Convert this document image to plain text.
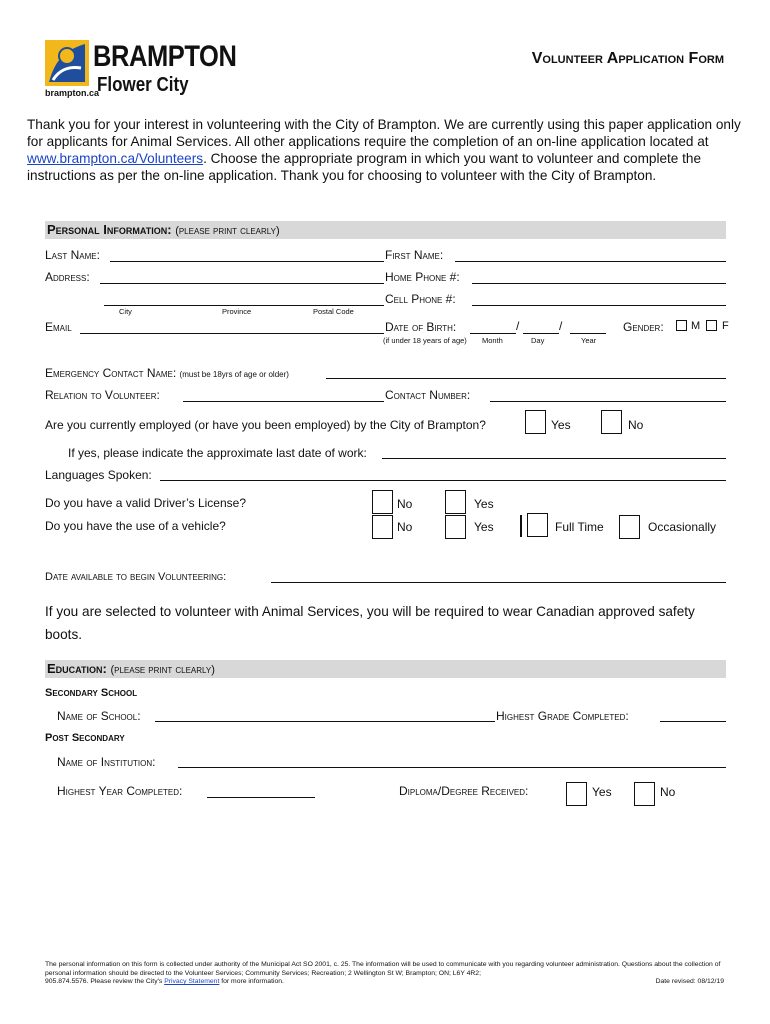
BRAMPTON
Flower City
brampton.ca
Volunteer Application Form
Thank you for your interest in volunteering with the City of Brampton. We are currently using this paper application only for applicants for Animal Services. All other applications require the completion of an on-line application located at www.brampton.ca/Volunteers. Choose the appropriate program in which you want to volunteer and complete the instructions as per the on-line application. Thank you for choosing to volunteer with the City of Brampton.
Personal Information: (please print clearly)
Last Name:	First Name:
Address:	Home Phone #:
Cell Phone #:
City	Province	Postal Code
Email	Date of Birth:	/	/
(if under 18 years of age) Month	Day	Year
Gender: M F
Emergency Contact Name: (must be 18yrs of age or older)
Relation to Volunteer:	Contact Number:
Are you currently employed (or have you been employed) by the City of Brampton?	Yes	No
If yes, please indicate the approximate last date of work:
Languages Spoken:
Do you have a valid Driver’s License?	No	Yes
Do you have the use of a vehicle?	No	Yes	Full Time	Occasionally
Date available to begin Volunteering:
If you are selected to volunteer with Animal Services, you will be required to wear Canadian approved safety boots.
Education: (please print clearly)
Secondary School
Name of School:	Highest Grade Completed:
Post Secondary
Name of Institution:
Highest Year Completed:	Diploma/Degree Received:	Yes	No
The personal information on this form is collected under authority of the Municipal Act SO 2001, c. 25. The information will be used to communicate with you regarding volunteer administration. Questions about the collection of personal information should be directed to the Volunteer Services; Community Services; Recreation; 2 Wellington St W; Brampton; ON; L6Y 4R2;
905.874.5576. Please review the City's Privacy Statement for more information.	Date revised: 08/12/19
